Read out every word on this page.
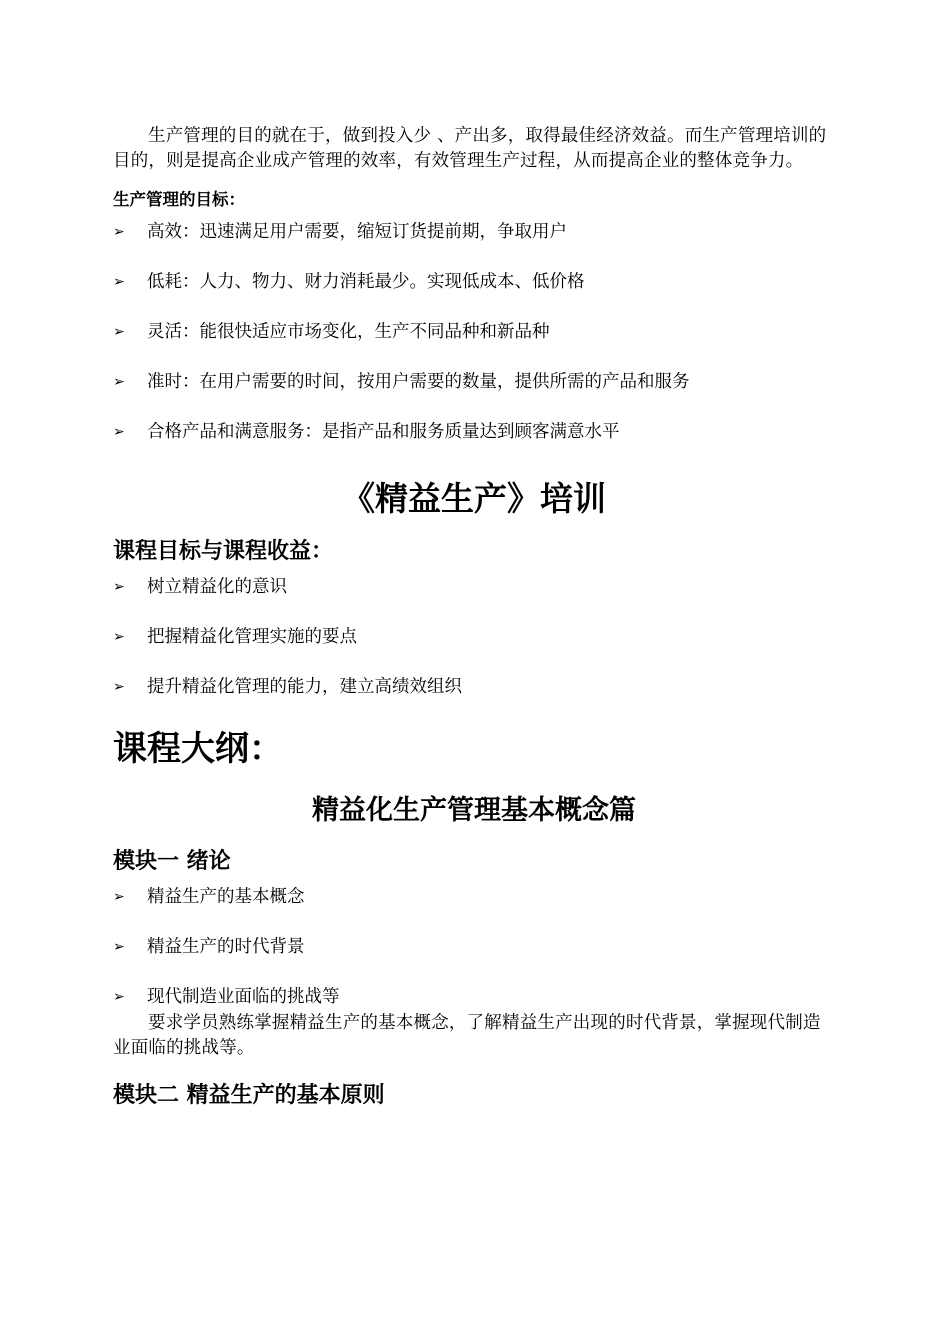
生产管理的目的就在于，做到投入少 、产出多，取得最佳经济效益。而生产管理培训的目的，则是提高企业成产管理的效率，有效管理生产过程，从而提高企业的整体竞争力。

生产管理的目标：
➢ 高效：迅速满足用户需要，缩短订货提前期，争取用户
➢ 低耗：人力、物力、财力消耗最少。实现低成本、低价格
➢ 灵活：能很快适应市场变化，生产不同品种和新品种
➢ 准时：在用户需要的时间，按用户需要的数量，提供所需的产品和服务
➢ 合格产品和满意服务：是指产品和服务质量达到顾客满意水平
《精益生产》培训
课程目标与课程收益：
➢ 树立精益化的意识
➢ 把握精益化管理实施的要点
➢ 提升精益化管理的能力，建立高绩效组织
课程大纲：
精益化生产管理基本概念篇
模块一 绪论
➢ 精益生产的基本概念
➢ 精益生产的时代背景
➢ 现代制造业面临的挑战等

要求学员熟练掌握精益生产的基本概念，了解精益生产出现的时代背景，掌握现代制造业面临的挑战等。

模块二 精益生产的基本原则
